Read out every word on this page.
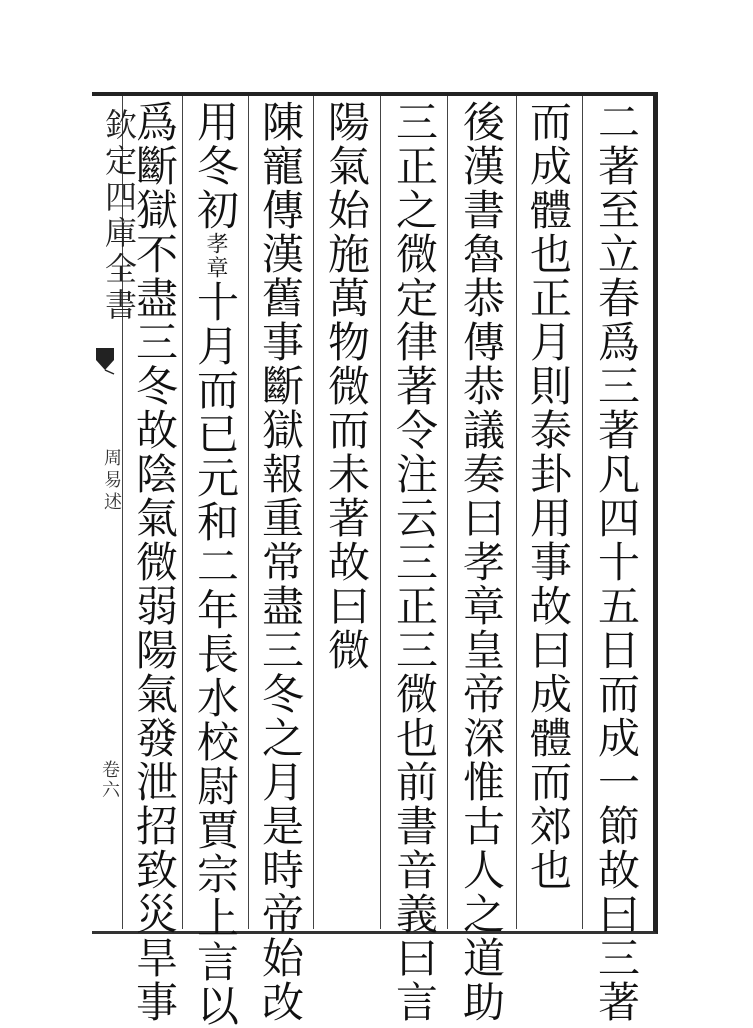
欽定四庫全書
周易述
卷六	二著至立春爲三著凡四十五日而成一節故曰三著
而成體也正月則泰卦用事故曰成體而郊也
後漢書魯恭傳恭議奏曰孝章皇帝深惟古人之道助
三正之微定律著令注云三正三微也前書音義曰言
陽氣始施萬物微而未著故曰微
陳寵傳漢舊事斷獄報重常盡三冬之月是時帝始改
用冬初孝章十月而已元和二年長水校尉賈宗上言以
爲斷獄不盡三冬故陰氣微弱陽氣發泄招致災旱事
